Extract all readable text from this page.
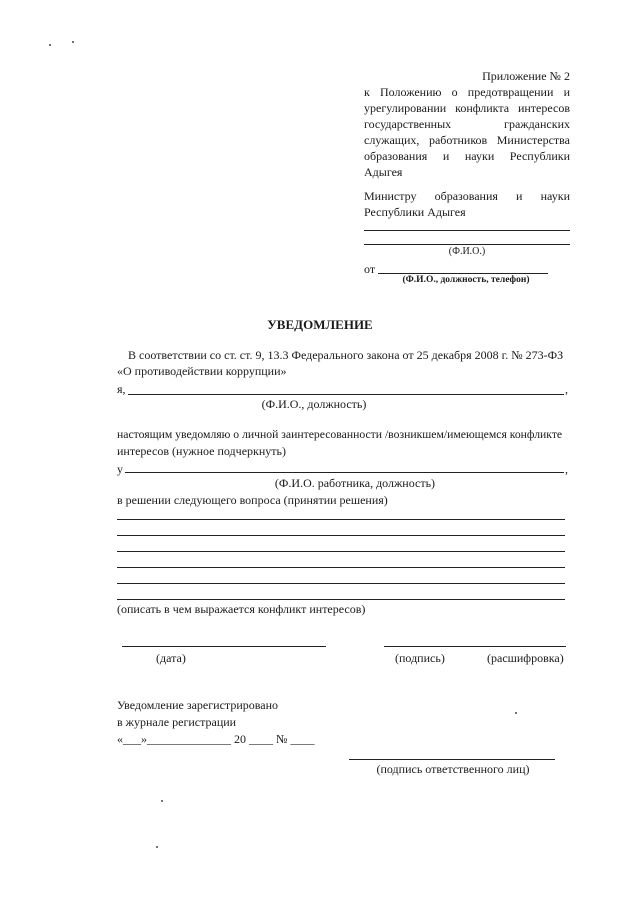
Приложение № 2
к Положению о предотвращении и
урегулировании конфликта интересов
государственных гражданских
служащих, работников Министерства
образования и науки Республики
Адыгея
Министру образования и науки
Республики Адыгея
(Ф.И.О.)
от
(Ф.И.О., должность, телефон)
УВЕДОМЛЕНИЕ
В соответствии со ст. ст. 9, 13.3 Федерального закона от 25 декабря 2008 г. № 273-ФЗ
«О противодействии коррупции»
я,	,
(Ф.И.О., должность)
настоящим уведомляю о личной заинтересованности /возникшем/имеющемся конфликте
интересов (нужное подчеркнуть)
у	,
(Ф.И.О. работника, должность)
в решении следующего вопроса (принятии решения)
(описать в чем выражается конфликт интересов)
(дата)	(подпись)	(расшифровка)
Уведомление зарегистрировано
в журнале регистрации
«___»______________ 20 ____ № ____
(подпись ответственного лиц)
